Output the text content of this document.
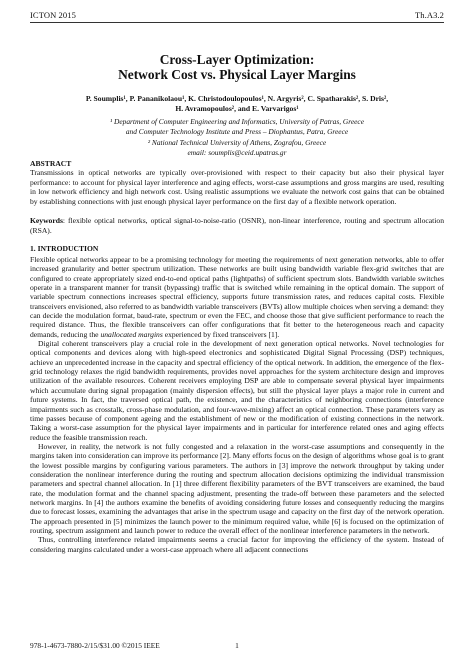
ICTON 2015	Th.A3.2
Cross-Layer Optimization:
Network Cost vs. Physical Layer Margins
P. Soumplis¹, P. Pananikolaou¹, K. Christodoulopoulos¹, N. Argyris², C. Spatharakis², S. Dris²,
H. Avramopoulos², and E. Varvarigos¹
¹ Department of Computer Engineering and Informatics, University of Patras, Greece
and Computer Technology Institute and Press – Diophantus, Patra, Greece
² National Technical University of Athens, Zografou, Greece
email: soumplis@ceid.upatras.gr
ABSTRACT
Transmissions in optical networks are typically over-provisioned with respect to their capacity but also their physical layer performance: to account for physical layer interference and aging effects, worst-case assumptions and gross margins are used, resulting in low network efficiency and high network cost. Using realistic assumptions we evaluate the network cost gains that can be obtained by establishing connections with just enough physical layer performance on the first day of a flexible network operation.
Keywords: flexible optical networks, optical signal-to-noise-ratio (OSNR), non-linear interference, routing and spectrum allocation (RSA).
1. INTRODUCTION

Flexible optical networks appear to be a promising technology for meeting the requirements of next generation networks, able to offer increased granularity and better spectrum utilization. These networks are built using bandwidth variable flex-grid switches that are configured to create appropriately sized end-to-end optical paths (lightpaths) of sufficient spectrum slots. Bandwidth variable switches operate in a transparent manner for transit (bypassing) traffic that is switched while remaining in the optical domain. The support of variable spectrum connections increases spectral efficiency, supports future transmission rates, and reduces capital costs. Flexible transceivers envisioned, also referred to as bandwidth variable transceivers (BVTs) allow multiple choices when serving a demand: they can decide the modulation format, baud-rate, spectrum or even the FEC, and choose those that give sufficient performance to reach the required distance. Thus, the flexible transceivers can offer configurations that fit better to the heterogeneous reach and capacity demands, reducing the unallocated margins experienced by fixed transceivers [1].

Digital coherent transceivers play a crucial role in the development of next generation optical networks. Novel technologies for optical components and devices along with high-speed electronics and sophisticated Digital Signal Processing (DSP) techniques, achieve an unprecedented increase in the capacity and spectral efficiency of the optical network. In addition, the emergence of the flex-grid technology relaxes the rigid bandwidth requirements, provides novel approaches for the system architecture design and improves utilization of the available resources. Coherent receivers employing DSP are able to compensate several physical layer impairments which accumulate during signal propagation (mainly dispersion effects), but still the physical layer plays a major role in current and future systems. In fact, the traversed optical path, the existence, and the characteristics of neighboring connections (interference impairments such as crosstalk, cross-phase modulation, and four-wave-mixing) affect an optical connection. These parameters vary as time passes because of component ageing and the establishment of new or the modification of existing connections in the network. Taking a worst-case assumption for the physical layer impairments and in particular for interference related ones and aging effects reduce the feasible transmission reach.

However, in reality, the network is not fully congested and a relaxation in the worst-case assumptions and consequently in the margins taken into consideration can improve its performance [2]. Many efforts focus on the design of algorithms whose goal is to grant the lowest possible margins by configuring various parameters. The authors in [3] improve the network throughput by taking under consideration the nonlinear interference during the routing and spectrum allocation decisions optimizing the individual transmission parameters and spectral channel allocation. In [1] three different flexibility parameters of the BVT transceivers are examined, the baud rate, the modulation format and the channel spacing adjustment, presenting the trade-off between these parameters and the selected network margins. In [4] the authors examine the benefits of avoiding considering future losses and consequently reducing the margins due to forecast losses, examining the advantages that arise in the spectrum usage and capacity on the first day of the network operation. The approach presented in [5] minimizes the launch power to the minimum required value, while [6] is focused on the optimization of routing, spectrum assignment and launch power to reduce the overall effect of the nonlinear interference parameters in the network.

Thus, controlling interference related impairments seems a crucial factor for improving the efficiency of the system. Instead of considering margins calculated under a worst-case approach where all adjacent connections

978-1-4673-7880-2/15/$31.00 ©2015 IEEE	1
